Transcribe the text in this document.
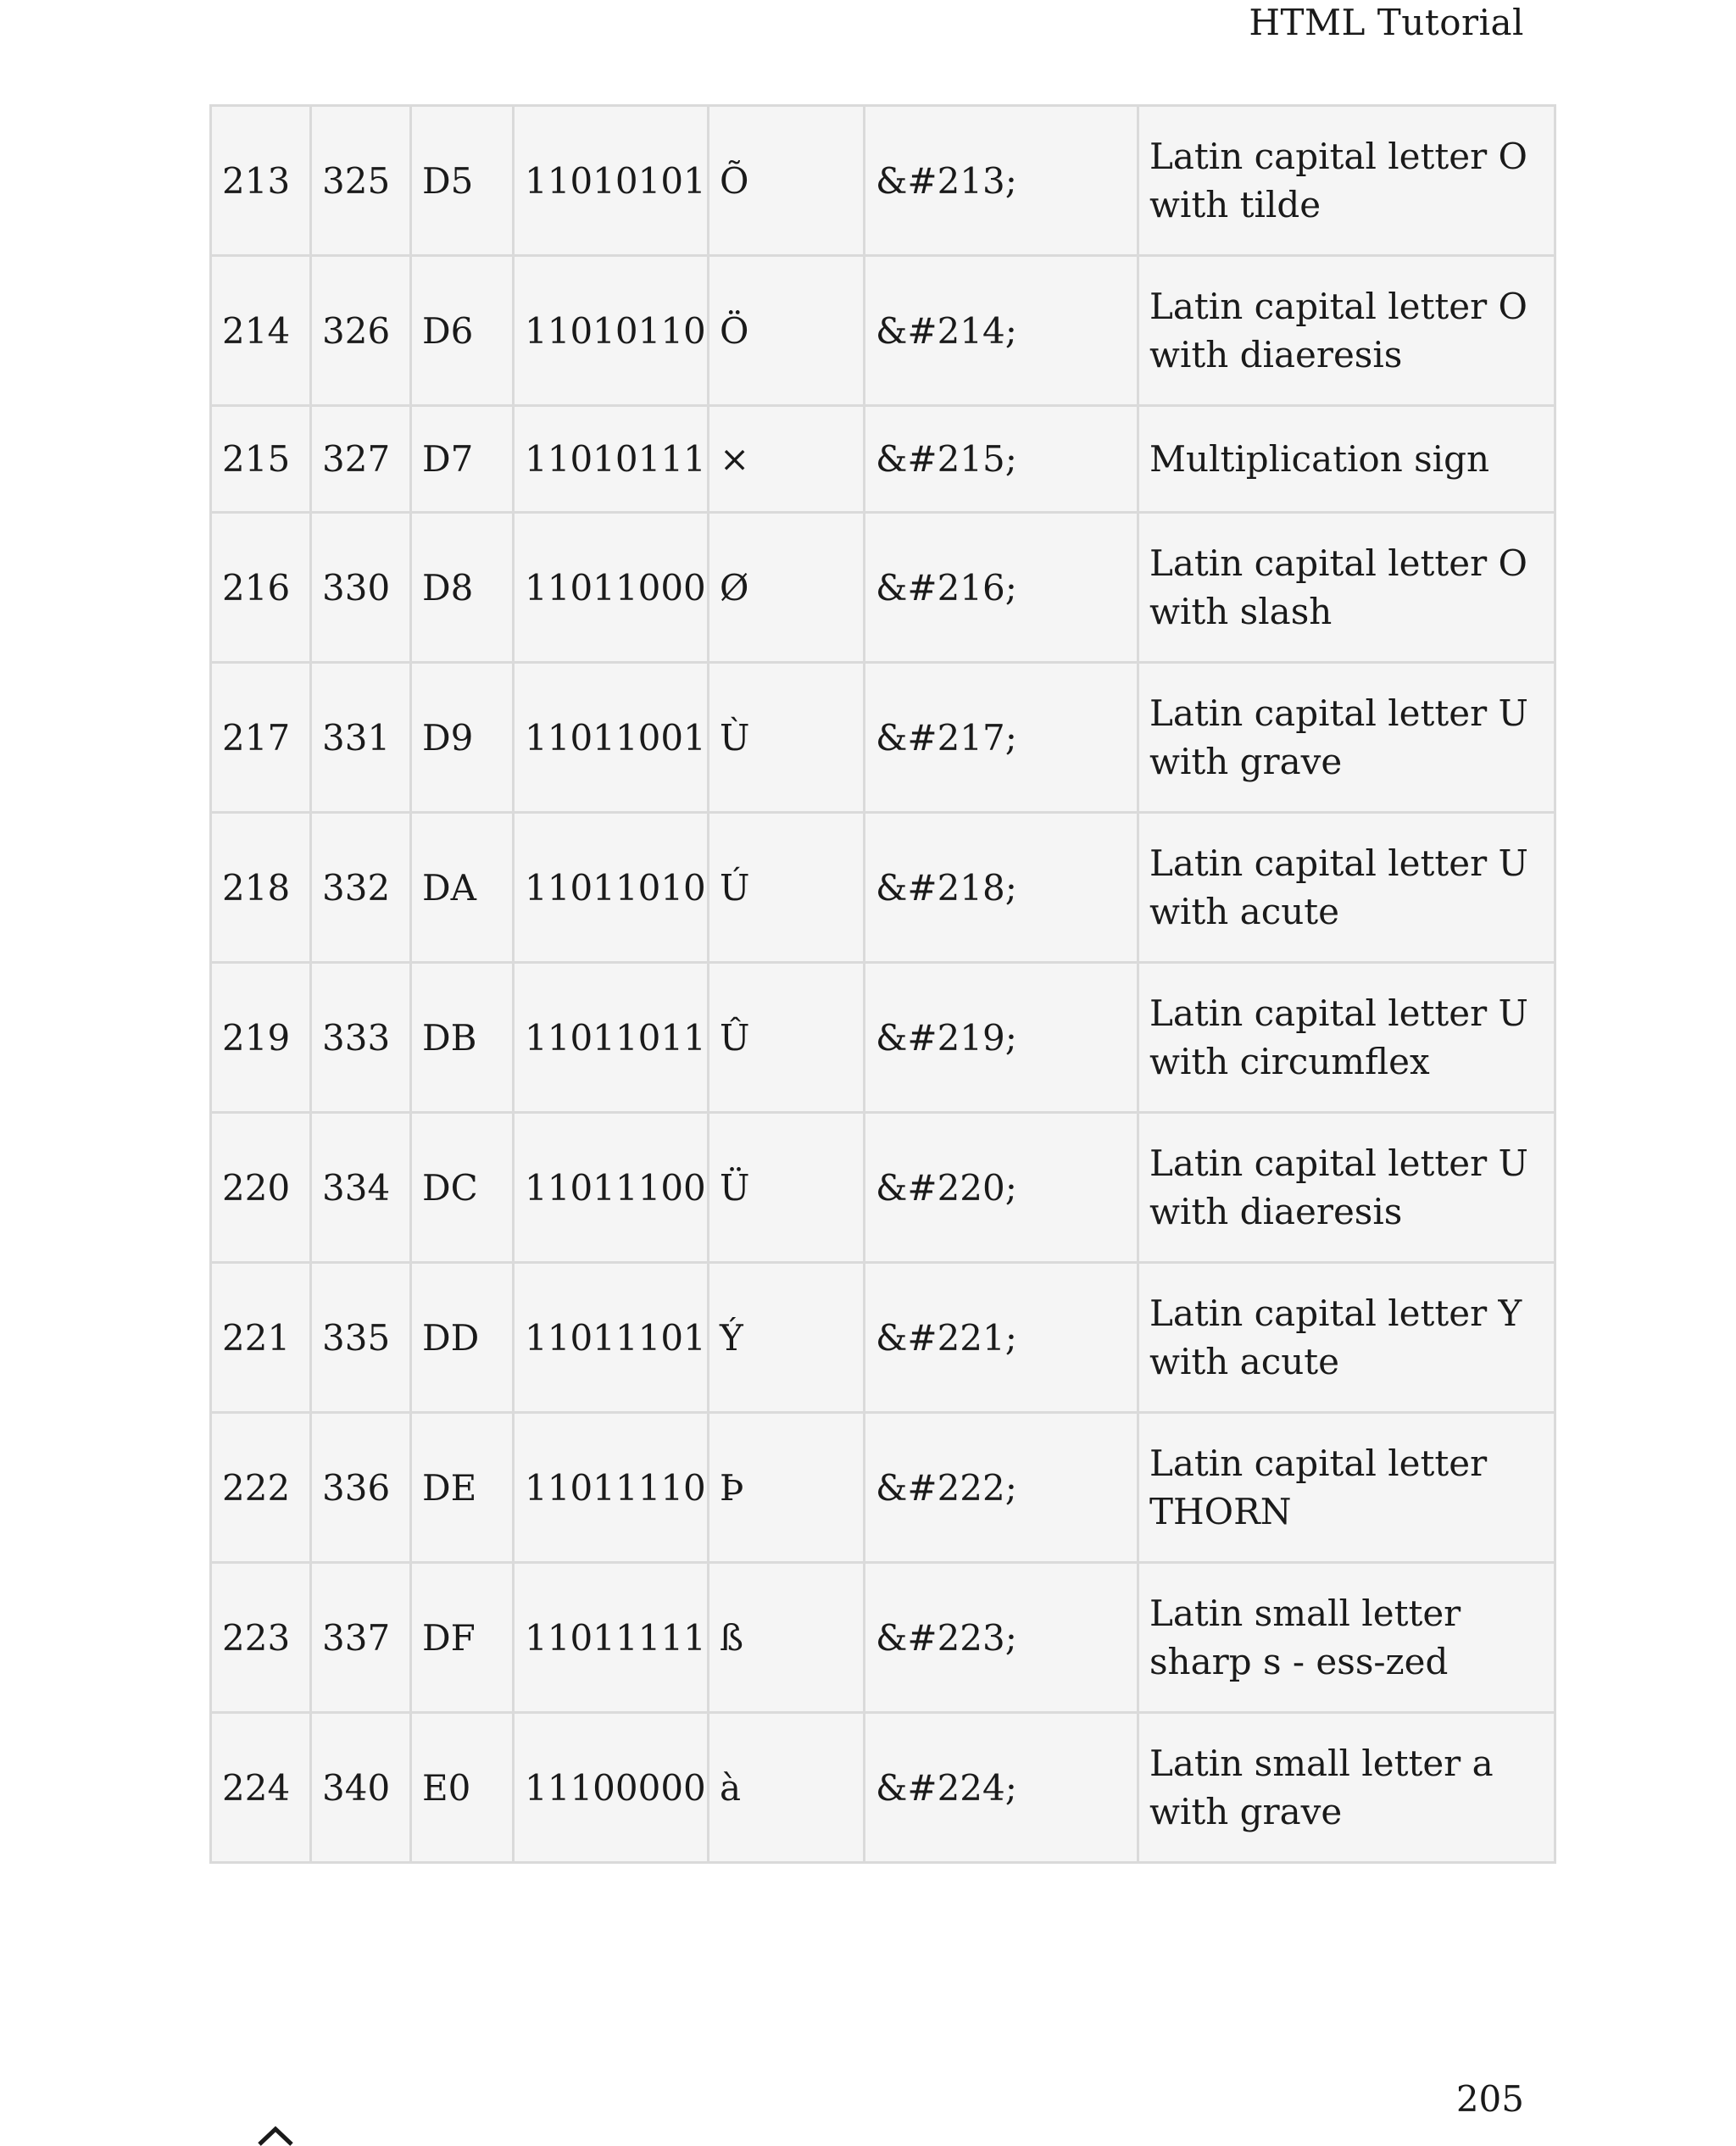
HTML Tutorial
213	325	D5	11010101	Õ	&#213;	Latin capital letter O with tilde
214	326	D6	11010110	Ö	&#214;	Latin capital letter O with diaeresis
215	327	D7	11010111	×	&#215;	Multiplication sign
216	330	D8	11011000	Ø	&#216;	Latin capital letter O with slash
217	331	D9	11011001	Ù	&#217;	Latin capital letter U with grave
218	332	DA	11011010	Ú	&#218;	Latin capital letter U with acute
219	333	DB	11011011	Û	&#219;	Latin capital letter U with circumflex
220	334	DC	11011100	Ü	&#220;	Latin capital letter U with diaeresis
221	335	DD	11011101	Ý	&#221;	Latin capital letter Y with acute
222	336	DE	11011110	Þ	&#222;	Latin capital letter THORN
223	337	DF	11011111	ß	&#223;	Latin small letter sharp s - ess-zed
224	340	E0	11100000	à	&#224;	Latin small letter a with grave
205
